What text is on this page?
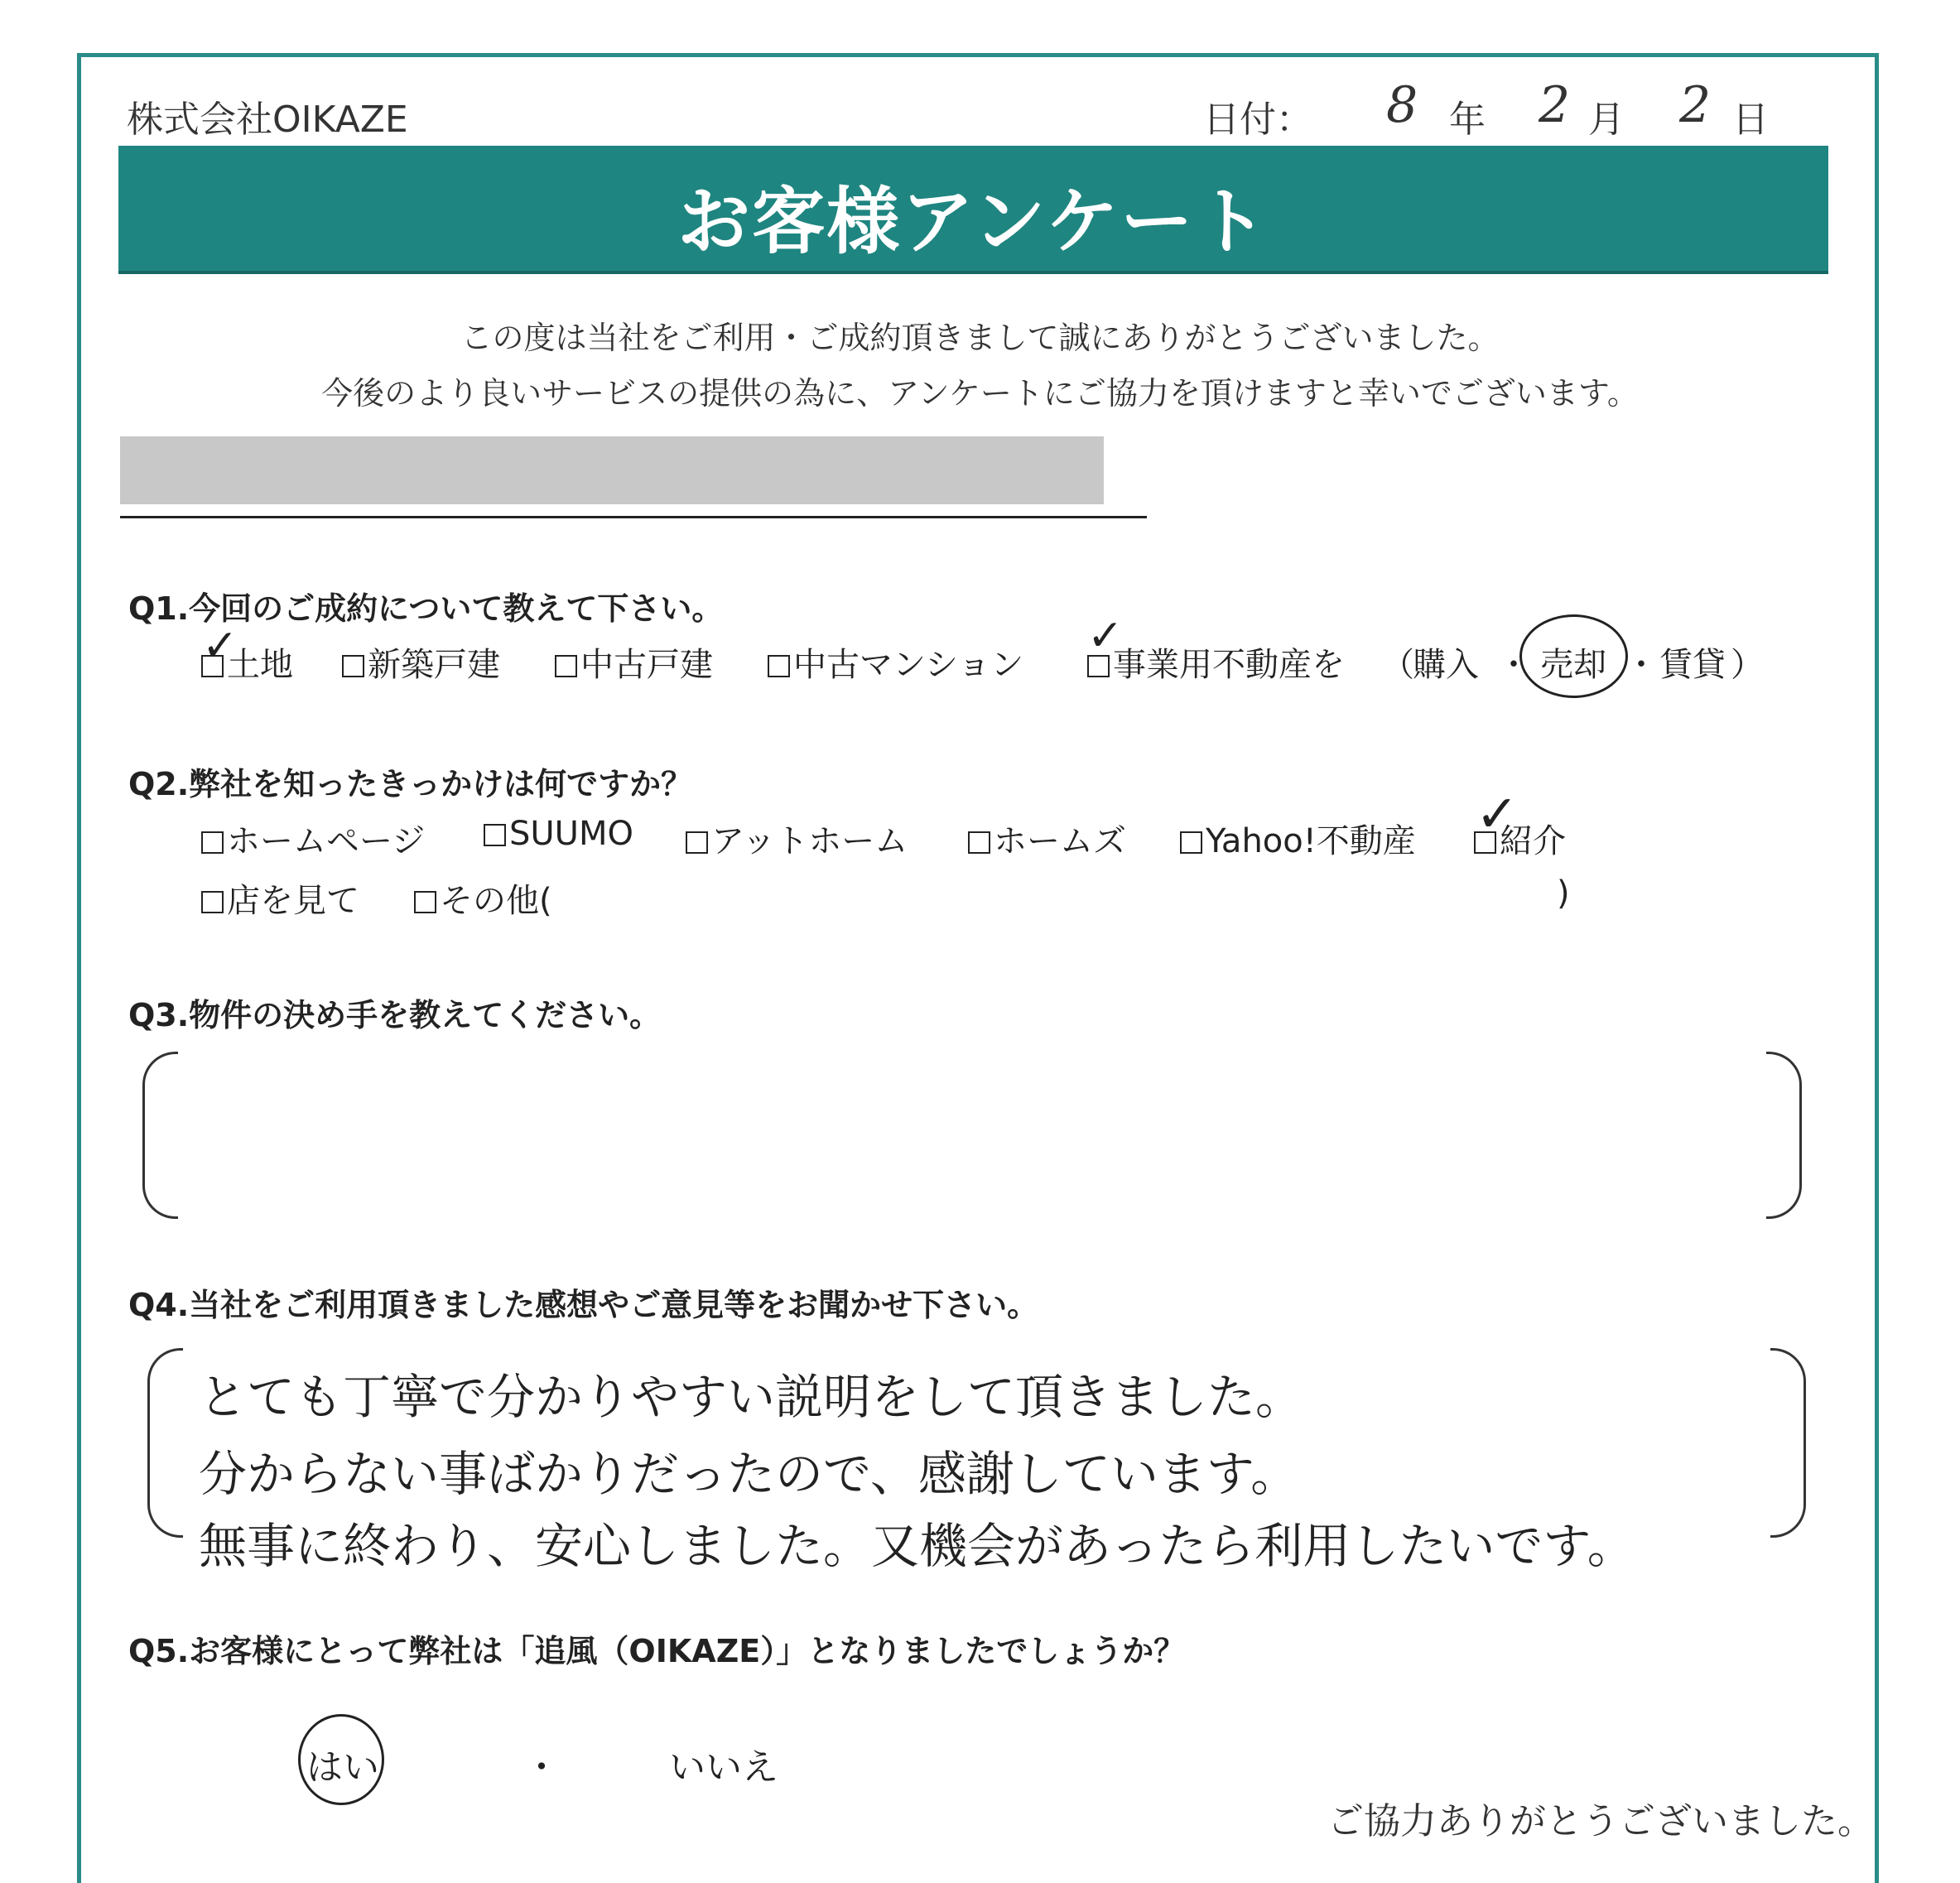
株式会社OIKAZE	日付： 8 年 2 月 2 日
お客様アンケート
この度は当社をご利用・ご成約頂きまして誠にありがとうございました。
今後のより良いサービスの提供の為に、アンケートにご協力を頂けますと幸いでございます。
Q1.今回のご成約について教えて下さい。
土地
✓	新築戸建	中古戸建	中古マンション	事業用不動産を
✓
（
購入 ・ 売却 ・ 賃貸 ）
Q2.弊社を知ったきっかけは何ですか？
ホームページ	SUUMO	アットホーム	ホームズ	Yahoo!不動産	紹介
✓
店を見て	その他(	)
Q3.物件の決め手を教えてください。
Q4.当社をご利用頂きました感想やご意見等をお聞かせ下さい。
とても丁寧で分かりやすい説明をして頂きました。
分からない事ばかりだったので、感謝しています。
無事に終わり、安心しました。又機会があったら利用したいです。
Q5.お客様にとって弊社は「追風（OIKAZE）」となりましたでしょうか？
はい	・	いいえ
ご協力ありがとうございました。
